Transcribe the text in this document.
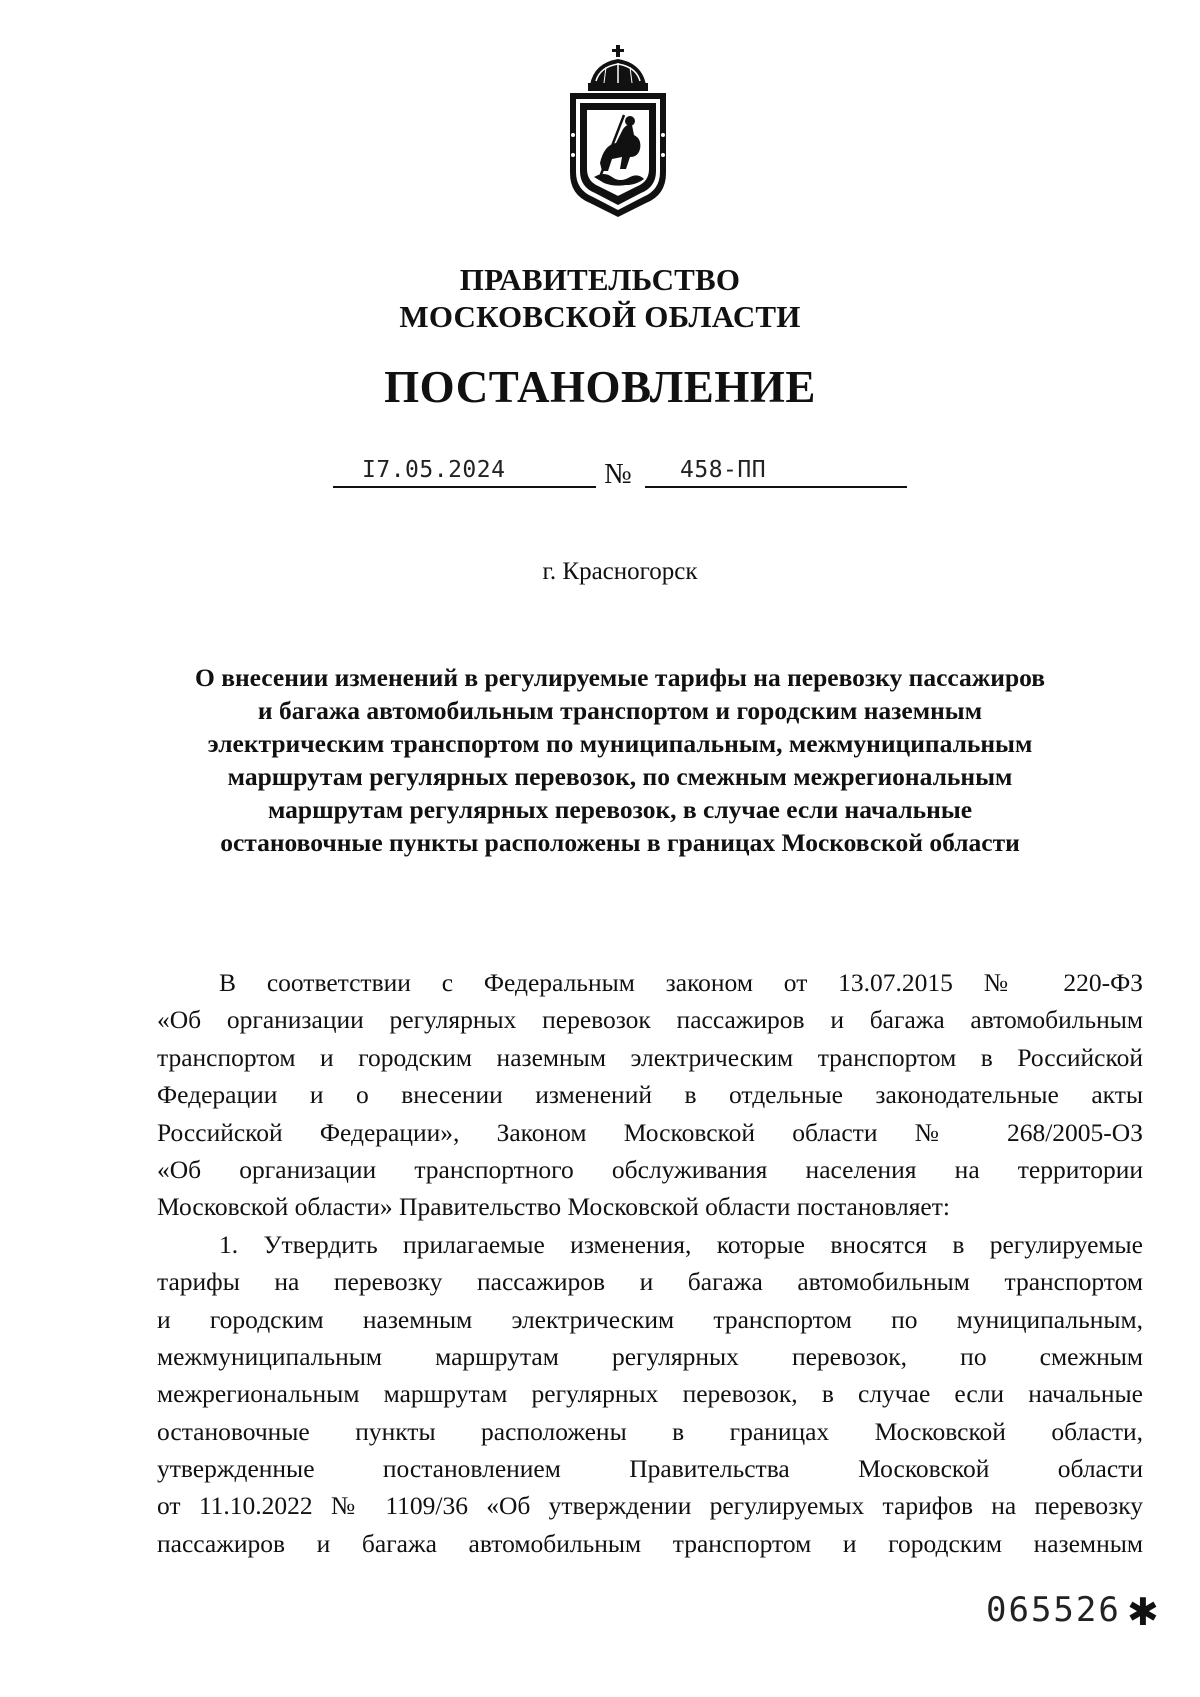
ПРАВИТЕЛЬСТВО
МОСКОВСКОЙ ОБЛАСТИ
ПОСТАНОВЛЕНИЕ
I7.05.2024	№ 458-ПП
г. Красногорск
О внесении изменений в регулируемые тарифы на перевозку пассажиров
и багажа автомобильным транспортом и городским наземным
электрическим транспортом по муниципальным, межмуниципальным
маршрутам регулярных перевозок, по смежным межрегиональным
маршрутам регулярных перевозок, в случае если начальные
остановочные пункты расположены в границах Московской области
В соответствии с Федеральным законом от 13.07.2015 № 220-ФЗ
«Об организации регулярных перевозок пассажиров и багажа автомобильным
транспортом и городским наземным электрическим транспортом в Российской
Федерации и о внесении изменений в отдельные законодательные акты
Российской Федерации», Законом Московской области № 268/2005-ОЗ
«Об организации транспортного обслуживания населения на территории
Московской области» Правительство Московской области постановляет:
1. Утвердить прилагаемые изменения, которые вносятся в регулируемые
тарифы на перевозку пассажиров и багажа автомобильным транспортом
и городским наземным электрическим транспортом по муниципальным,
межмуниципальным маршрутам регулярных перевозок, по смежным
межрегиональным маршрутам регулярных перевозок, в случае если начальные
остановочные пункты расположены в границах Московской области,
утвержденные постановлением Правительства Московской области
от 11.10.2022 № 1109/36 «Об утверждении регулируемых тарифов на перевозку
пассажиров и багажа автомобильным транспортом и городским наземным
065526 ✱
